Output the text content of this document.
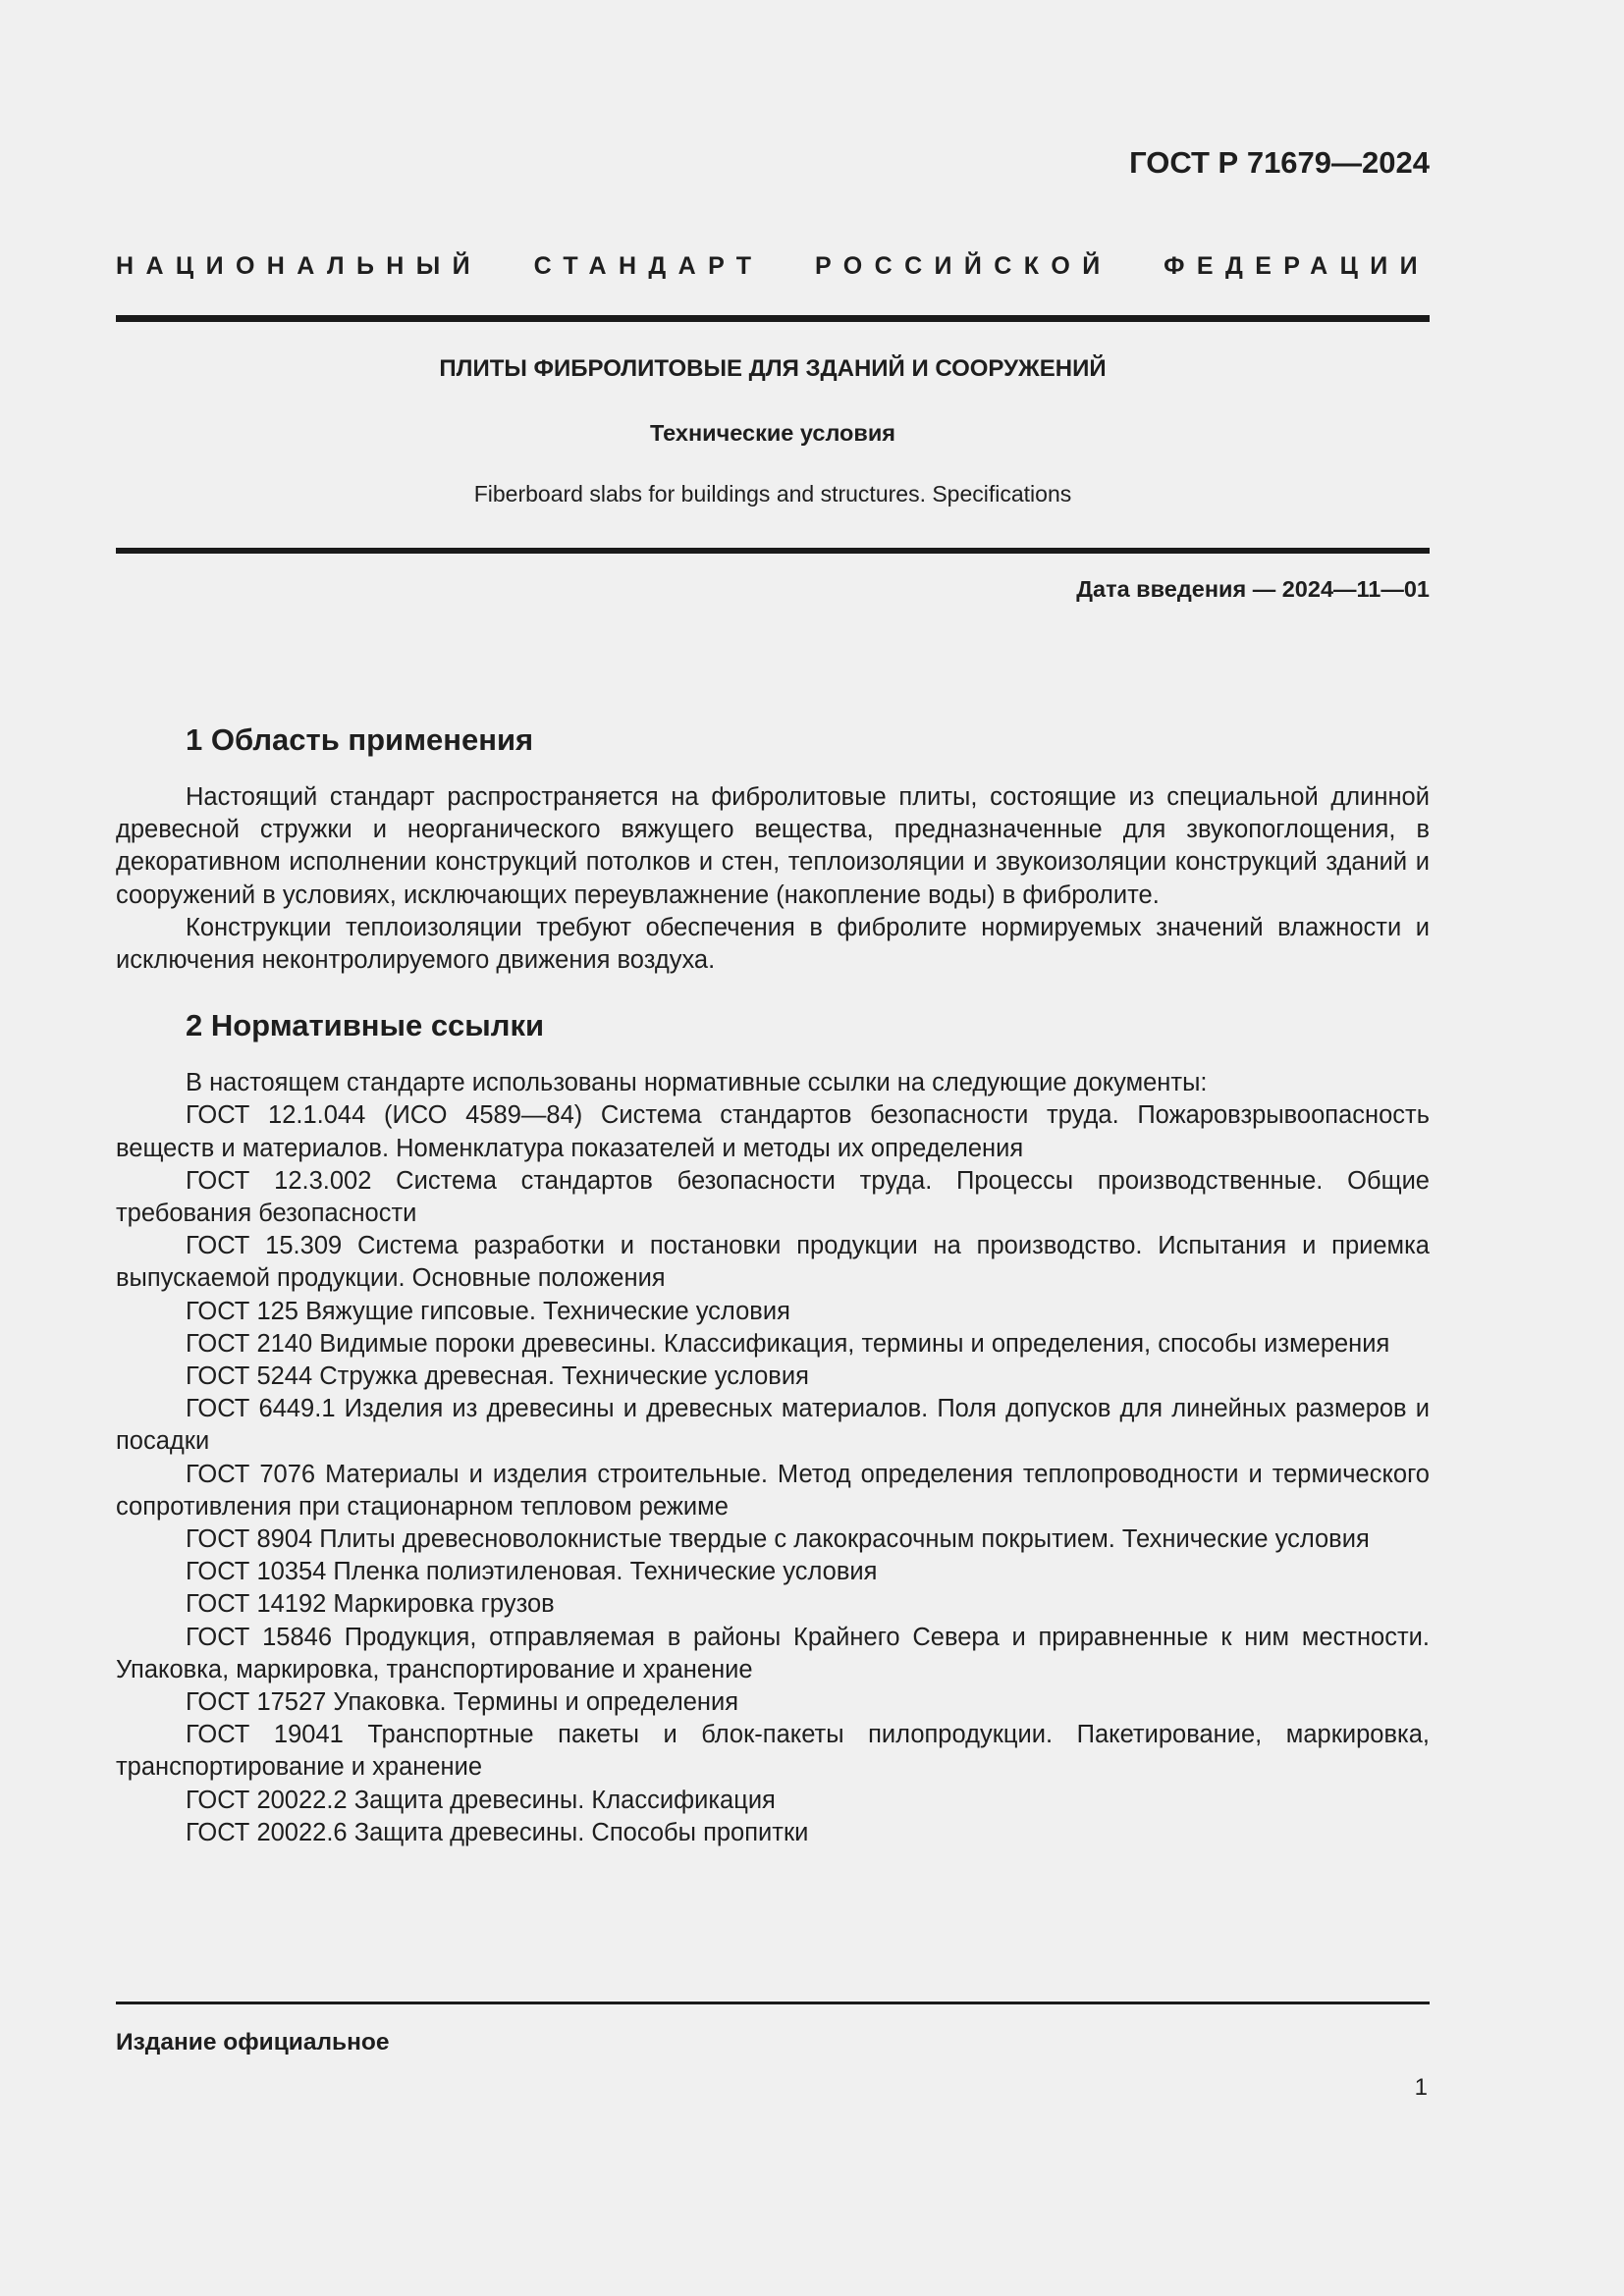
ГОСТ Р 71679—2024

НАЦИОНАЛЬНЫЙ СТАНДАРТ РОССИЙСКОЙ ФЕДЕРАЦИИ

ПЛИТЫ ФИБРОЛИТОВЫЕ ДЛЯ ЗДАНИЙ И СООРУЖЕНИЙ

Технические условия

Fiberboard slabs for buildings and structures. Specifications

Дата введения — 2024—11—01

1 Область применения

Настоящий стандарт распространяется на фибролитовые плиты, состоящие из специальной длинной древесной стружки и неорганического вяжущего вещества, предназначенные для звукопоглощения, в декоративном исполнении конструкций потолков и стен, теплоизоляции и звукоизоляции конструкций зданий и сооружений в условиях, исключающих переувлажнение (накопление воды) в фибролите.

Конструкции теплоизоляции требуют обеспечения в фибролите нормируемых значений влажности и исключения неконтролируемого движения воздуха.

2 Нормативные ссылки

В настоящем стандарте использованы нормативные ссылки на следующие документы:

ГОСТ 12.1.044 (ИСО 4589—84) Система стандартов безопасности труда. Пожаровзрывоопасность веществ и материалов. Номенклатура показателей и методы их определения

ГОСТ 12.3.002 Система стандартов безопасности труда. Процессы производственные. Общие требования безопасности

ГОСТ 15.309 Система разработки и постановки продукции на производство. Испытания и приемка выпускаемой продукции. Основные положения

ГОСТ 125 Вяжущие гипсовые. Технические условия

ГОСТ 2140 Видимые пороки древесины. Классификация, термины и определения, способы измерения

ГОСТ 5244 Стружка древесная. Технические условия

ГОСТ 6449.1 Изделия из древесины и древесных материалов. Поля допусков для линейных размеров и посадки

ГОСТ 7076 Материалы и изделия строительные. Метод определения теплопроводности и термического сопротивления при стационарном тепловом режиме

ГОСТ 8904 Плиты древесноволокнистые твердые с лакокрасочным покрытием. Технические условия

ГОСТ 10354 Пленка полиэтиленовая. Технические условия

ГОСТ 14192 Маркировка грузов

ГОСТ 15846 Продукция, отправляемая в районы Крайнего Севера и приравненные к ним местности. Упаковка, маркировка, транспортирование и хранение

ГОСТ 17527 Упаковка. Термины и определения

ГОСТ 19041 Транспортные пакеты и блок-пакеты пилопродукции. Пакетирование, маркировка, транспортирование и хранение

ГОСТ 20022.2 Защита древесины. Классификация

ГОСТ 20022.6 Защита древесины. Способы пропитки

Издание официальное

1
